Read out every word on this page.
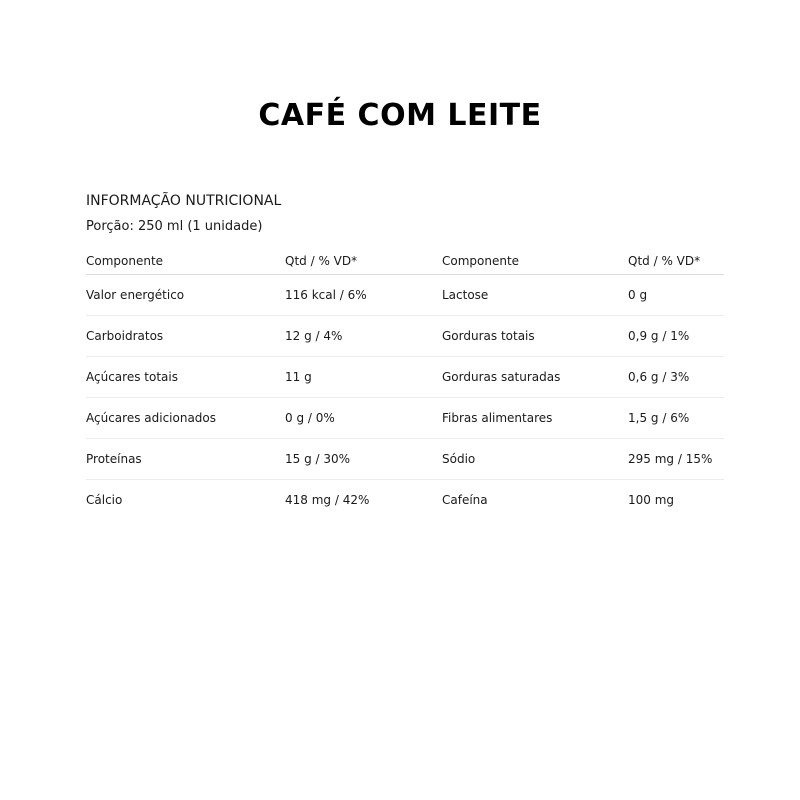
CAFÉ COM LEITE

INFORMAÇÃO NUTRICIONAL

Porção: 250 ml (1 unidade)

Componente	Qtd / % VD*	Componente	Qtd / % VD*
Valor energético	116 kcal / 6%	Lactose	0 g
Carboidratos	12 g / 4%	Gorduras totais	0,9 g / 1%
Açúcares totais	11 g	Gorduras saturadas	0,6 g / 3%
Açúcares adicionados	0 g / 0%	Fibras alimentares	1,5 g / 6%
Proteínas	15 g / 30%	Sódio	295 mg / 15%
Cálcio	418 mg / 42%	Cafeína	100 mg
